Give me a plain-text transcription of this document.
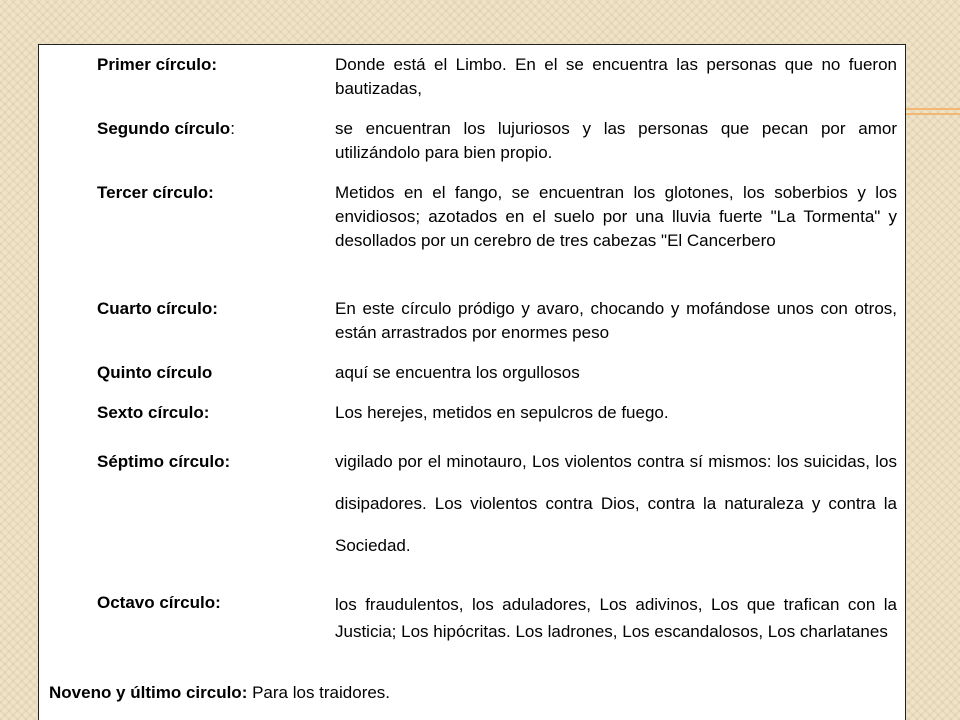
Primer círculo:	Donde está el Limbo. En el se encuentra las personas que no fueron bautizadas,
Segundo círculo:	se encuentran los lujuriosos y las personas que pecan por amor utilizándolo para bien propio.
Tercer círculo:	Metidos en el fango, se encuentran los glotones, los soberbios y los envidiosos; azotados en el suelo por una lluvia fuerte "La Tormenta" y desollados por un cerebro de tres cabezas "El Cancerbero
Cuarto círculo:	En este círculo pródigo y avaro, chocando y mofándose unos con otros, están arrastrados por enormes peso
Quinto círculo	aquí se encuentra los orgullosos
Sexto círculo:	Los herejes, metidos en sepulcros de fuego.
Séptimo círculo:	vigilado por el minotauro, Los violentos contra sí mismos: los suicidas, los disipadores. Los violentos contra Dios, contra la naturaleza y contra la Sociedad.
Octavo círculo:	los fraudulentos, los aduladores, Los adivinos, Los que trafican con la Justicia; Los hipócritas. Los ladrones, Los escandalosos, Los charlatanes
Noveno y último circulo: Para los traidores.
